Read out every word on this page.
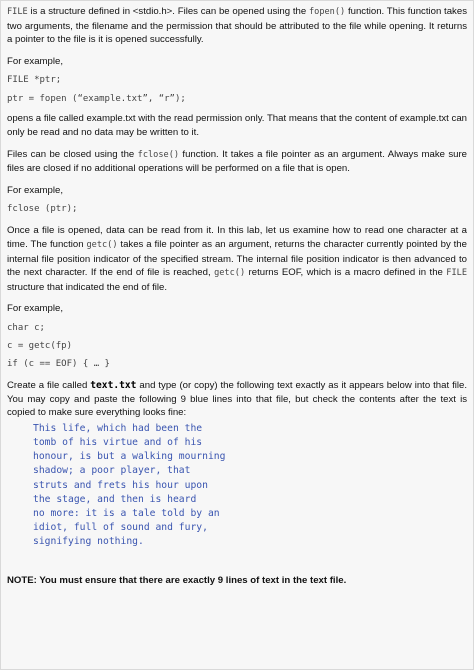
FILE is a structure defined in <stdio.h>. Files can be opened using the fopen() function. This function takes two arguments, the filename and the permission that should be attributed to the file while opening. It returns a pointer to the file is it is opened successfully.

For example,

FILE *ptr;
ptr = fopen (“example.txt”, “r”);

opens a file called example.txt with the read permission only. That means that the content of example.txt can only be read and no data may be written to it.

Files can be closed using the fclose() function. It takes a file pointer as an argument. Always make sure files are closed if no additional operations will be performed on a file that is open.

For example,

fclose (ptr);

Once a file is opened, data can be read from it. In this lab, let us examine how to read one character at a time. The function getc() takes a file pointer as an argument, returns the character currently pointed by the internal file position indicator of the specified stream. The internal file position indicator is then advanced to the next character. If the end of file is reached, getc() returns EOF, which is a macro defined in the FILE structure that indicated the end of file.

For example,

char c;
c = getc(fp)
if (c == EOF) { … }

Create a file called text.txt and type (or copy) the following text exactly as it appears below into that file. You may copy and paste the following 9 blue lines into that file, but check the contents after the text is copied to make sure everything looks fine:

This life, which had been the
tomb of his virtue and of his
honour, is but a walking mourning
shadow; a poor player, that
struts and frets his hour upon
the stage, and then is heard
no more: it is a tale told by an
idiot, full of sound and fury,
signifying nothing.

NOTE: You must ensure that there are exactly 9 lines of text in the text file.
